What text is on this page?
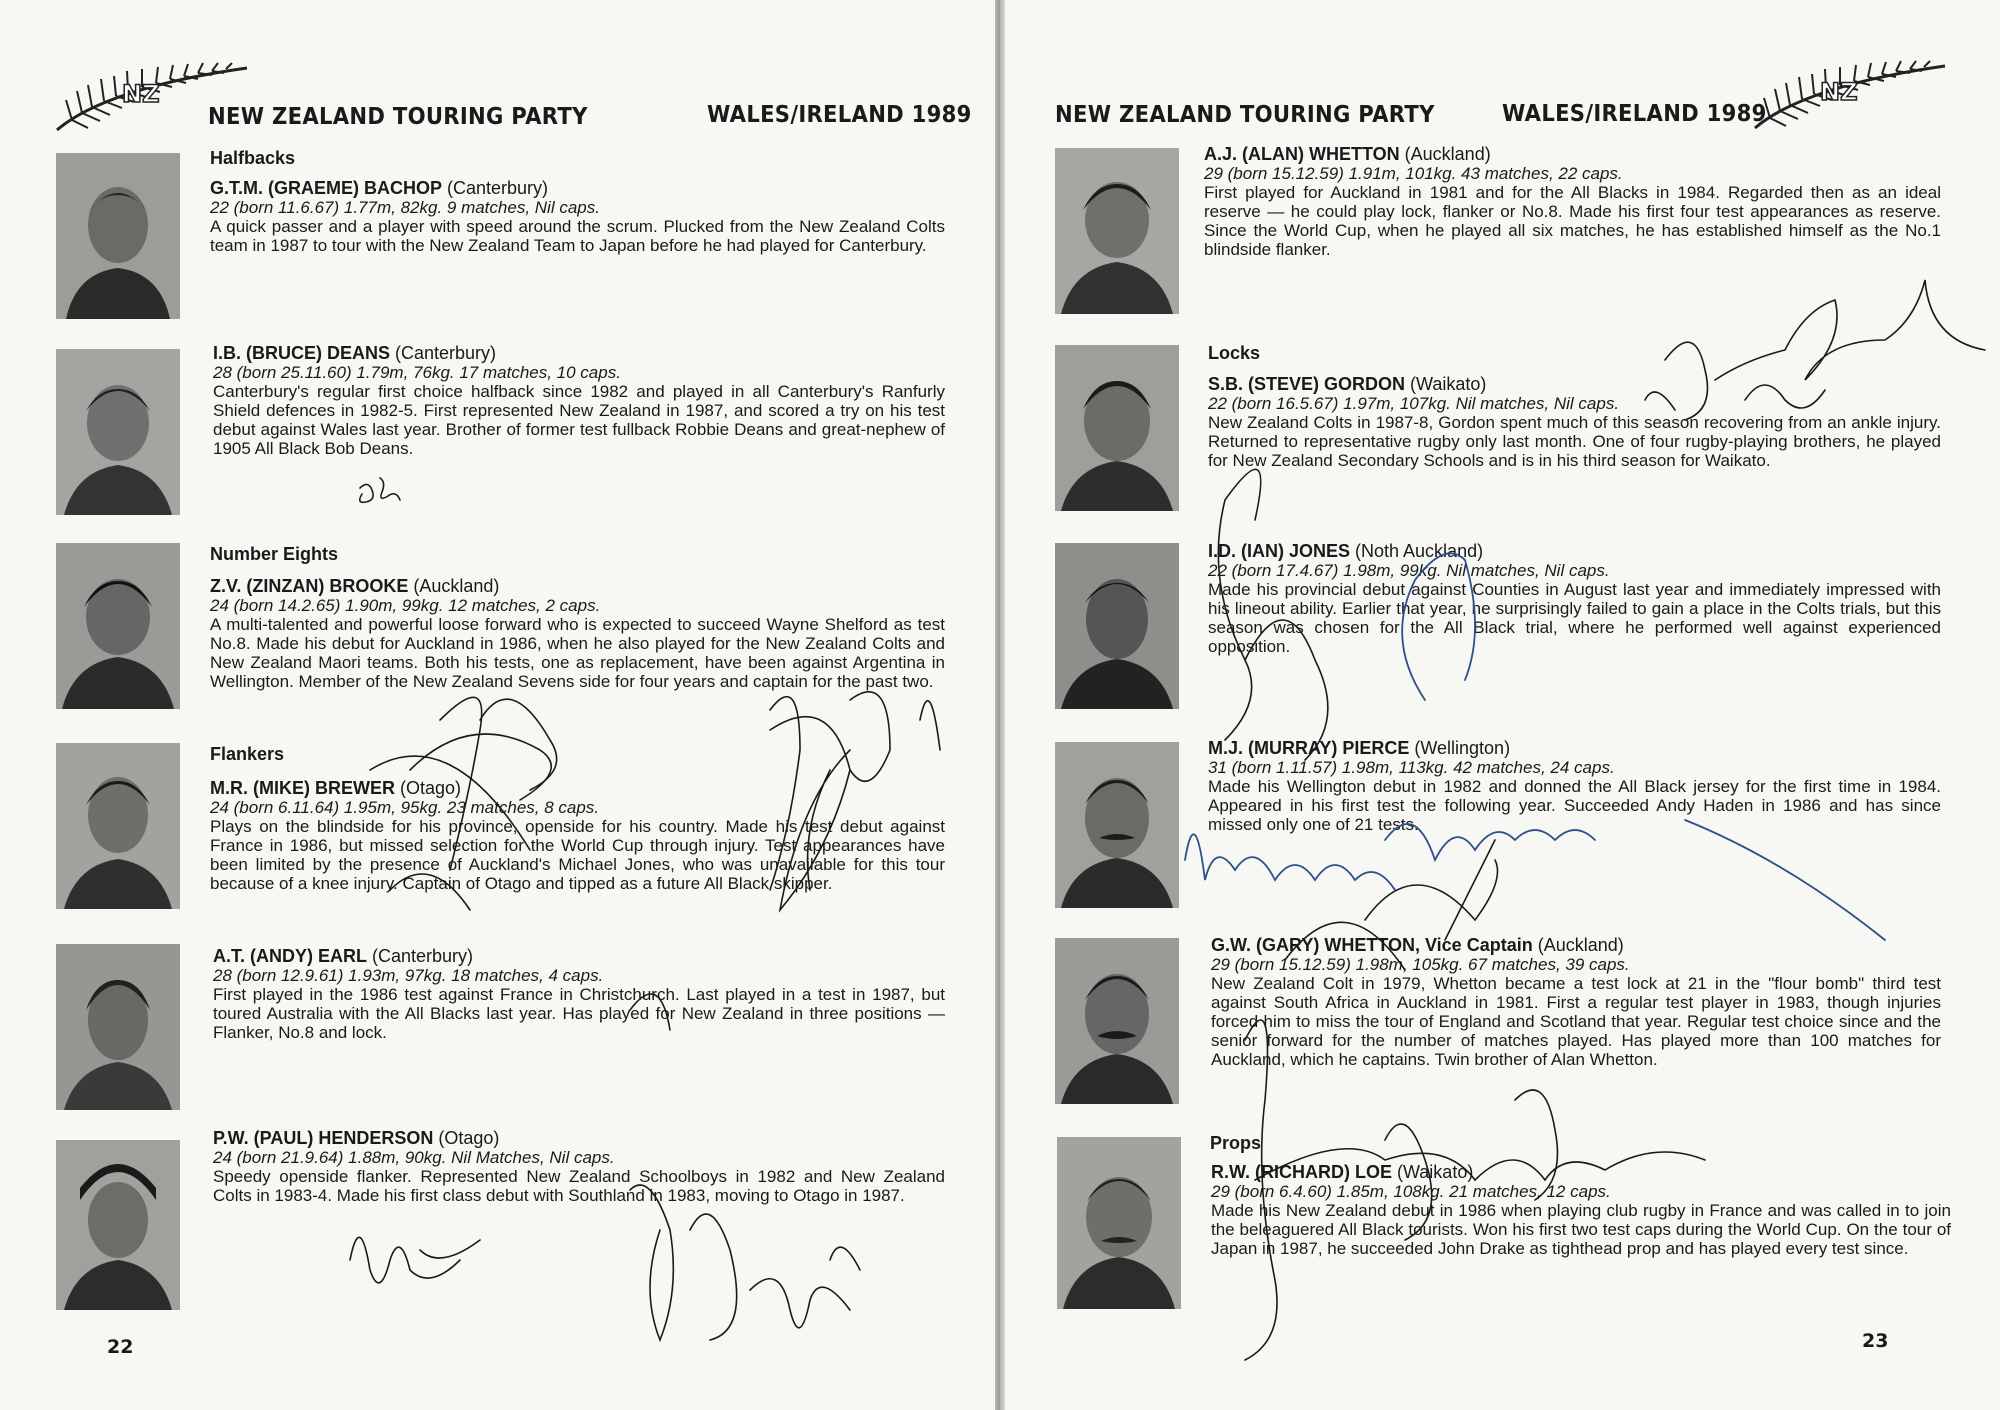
NZ
NEW ZEALAND TOURING PARTY	WALES/IRELAND 1989
Halfbacks
G.T.M. (GRAEME) BACHOP (Canterbury)
22 (born 11.6.67) 1.77m, 82kg. 9 matches, Nil caps.
A quick passer and a player with speed around the scrum. Plucked from the New Zealand Colts team in 1987 to tour with the New Zealand Team to Japan before he had played for Canterbury.
I.B. (BRUCE) DEANS (Canterbury)
28 (born 25.11.60) 1.79m, 76kg. 17 matches, 10 caps.
Canterbury's regular first choice halfback since 1982 and played in all Canterbury's Ranfurly Shield defences in 1982-5. First represented New Zealand in 1987, and scored a try on his test debut against Wales last year. Brother of former test fullback Robbie Deans and great-nephew of 1905 All Black Bob Deans.
Number Eights
Z.V. (ZINZAN) BROOKE (Auckland)
24 (born 14.2.65) 1.90m, 99kg. 12 matches, 2 caps.
A multi-talented and powerful loose forward who is expected to succeed Wayne Shelford as test No.8. Made his debut for Auckland in 1986, when he also played for the New Zealand Colts and New Zealand Maori teams. Both his tests, one as replacement, have been against Argentina in Wellington. Member of the New Zealand Sevens side for four years and captain for the past two.
Flankers
M.R. (MIKE) BREWER (Otago)
24 (born 6.11.64) 1.95m, 95kg. 23 matches, 8 caps.
Plays on the blindside for his province, openside for his country. Made his test debut against France in 1986, but missed selection for the World Cup through injury. Test appearances have been limited by the presence of Auckland's Michael Jones, who was unavailable for this tour because of a knee injury. Captain of Otago and tipped as a future All Black skipper.
A.T. (ANDY) EARL (Canterbury)
28 (born 12.9.61) 1.93m, 97kg. 18 matches, 4 caps.
First played in the 1986 test against France in Christchurch. Last played in a test in 1987, but toured Australia with the All Blacks last year. Has played for New Zealand in three positions — Flanker, No.8 and lock.
P.W. (PAUL) HENDERSON (Otago)
24 (born 21.9.64) 1.88m, 90kg. Nil Matches, Nil caps.
Speedy openside flanker. Represented New Zealand Schoolboys in 1982 and New Zealand Colts in 1983-4. Made his first class debut with Southland in 1983, moving to Otago in 1987.
22
NEW ZEALAND TOURING PARTY	WALES/IRELAND 1989
NZ
A.J. (ALAN) WHETTON (Auckland)
29 (born 15.12.59) 1.91m, 101kg. 43 matches, 22 caps.
First played for Auckland in 1981 and for the All Blacks in 1984. Regarded then as an ideal reserve — he could play lock, flanker or No.8. Made his first four test appearances as reserve. Since the World Cup, when he played all six matches, he has established himself as the No.1 blindside flanker.
Locks
S.B. (STEVE) GORDON (Waikato)
22 (born 16.5.67) 1.97m, 107kg. Nil matches, Nil caps.
New Zealand Colts in 1987-8, Gordon spent much of this season recovering from an ankle injury. Returned to representative rugby only last month. One of four rugby-playing brothers, he played for New Zealand Secondary Schools and is in his third season for Waikato.
I.D. (IAN) JONES (Noth Auckland)
22 (born 17.4.67) 1.98m, 99kg. Nil matches, Nil caps.
Made his provincial debut against Counties in August last year and immediately impressed with his lineout ability. Earlier that year, he surprisingly failed to gain a place in the Colts trials, but this season was chosen for the All Black trial, where he performed well against experienced opposition.
M.J. (MURRAY) PIERCE (Wellington)
31 (born 1.11.57) 1.98m, 113kg. 42 matches, 24 caps.
Made his Wellington debut in 1982 and donned the All Black jersey for the first time in 1984. Appeared in his first test the following year. Succeeded Andy Haden in 1986 and has since missed only one of 21 tests.
G.W. (GARY) WHETTON, Vice Captain (Auckland)
29 (born 15.12.59) 1.98m, 105kg. 67 matches, 39 caps.
New Zealand Colt in 1979, Whetton became a test lock at 21 in the "flour bomb" third test against South Africa in Auckland in 1981. First a regular test player in 1983, though injuries forced him to miss the tour of England and Scotland that year. Regular test choice since and the senior forward for the number of matches played. Has played more than 100 matches for Auckland, which he captains. Twin brother of Alan Whetton.
Props
R.W. (RICHARD) LOE (Waikato)
29 (born 6.4.60) 1.85m, 108kg. 21 matches, 12 caps.
Made his New Zealand debut in 1986 when playing club rugby in France and was called in to join the beleaguered All Black tourists. Won his first two test caps during the World Cup. On the tour of Japan in 1987, he succeeded John Drake as tighthead prop and has played every test since.
23
